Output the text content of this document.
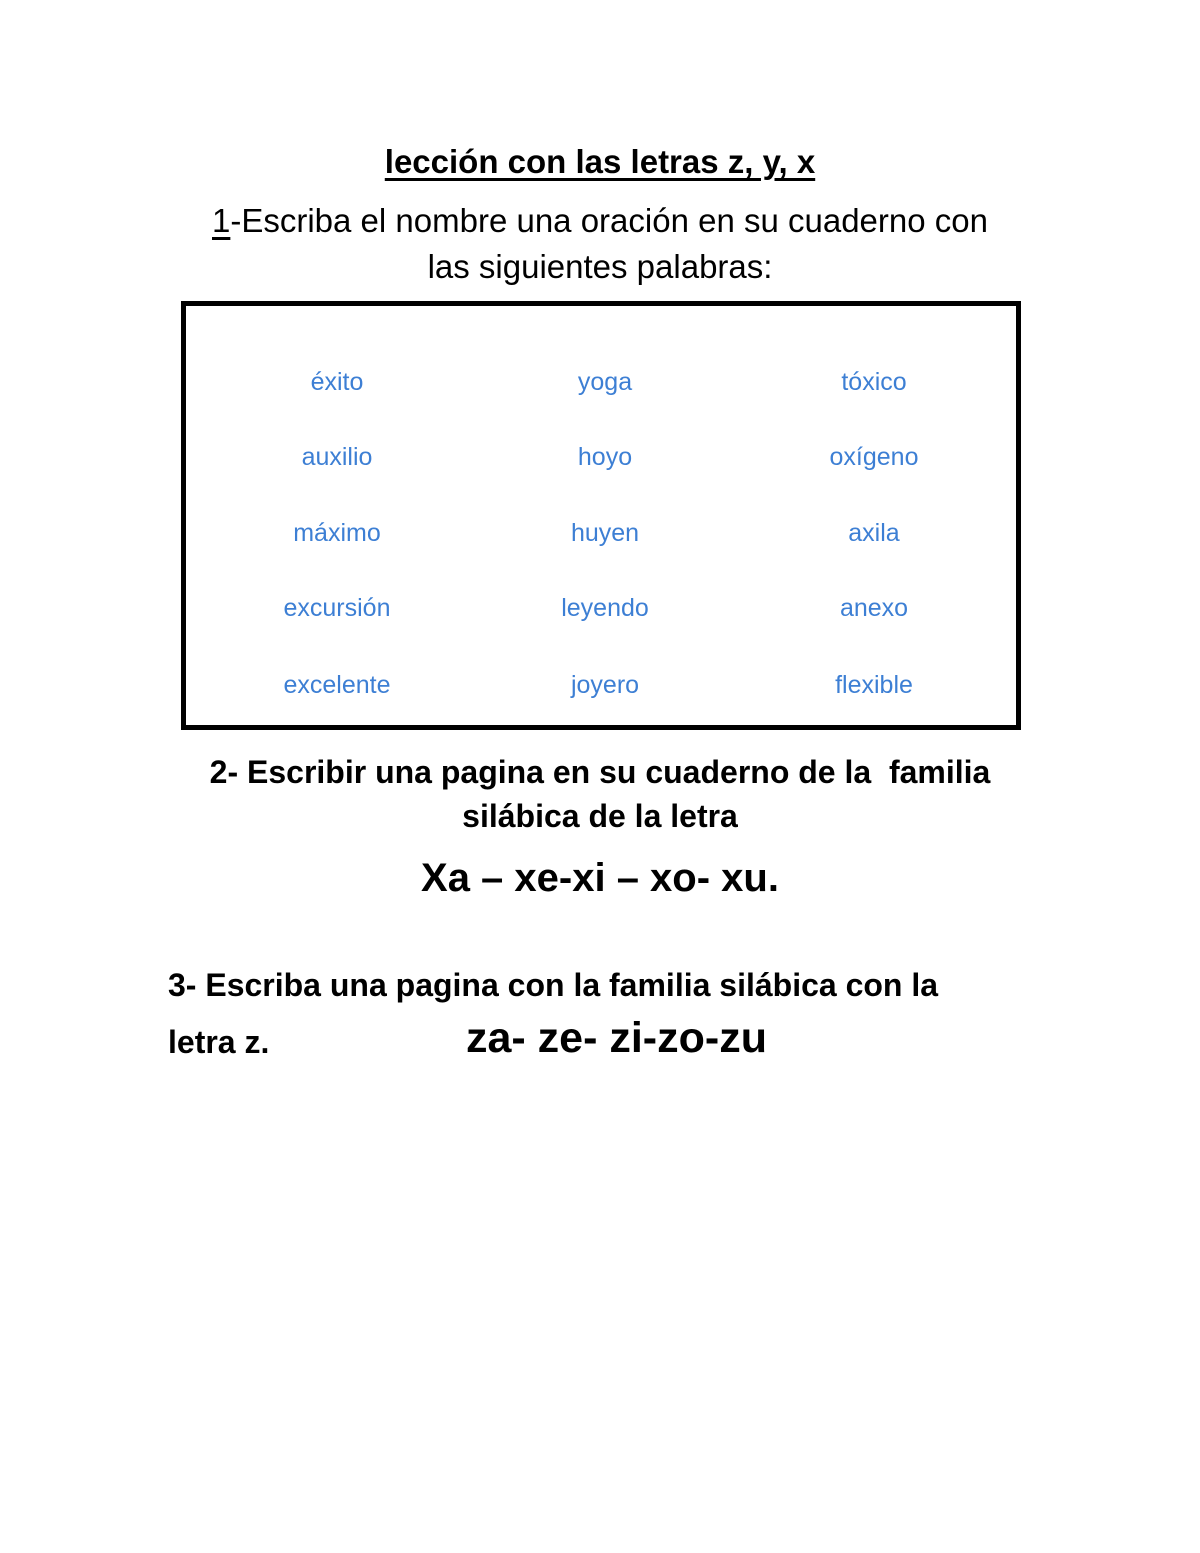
lección con las letras z, y, x
1-Escriba el nombre una oración en su cuaderno con
las siguientes palabras:
éxito
auxilio
máximo
excursión
excelente
yoga
hoyo
huyen
leyendo
joyero
tóxico
oxígeno
axila
anexo
flexible
2- Escribir una pagina en su cuaderno de la  familia
silábica de la letra
Xa – xe-xi – xo- xu.
3- Escriba una pagina con la familia silábica con la
letra z.	za- ze- zi-zo-zu
